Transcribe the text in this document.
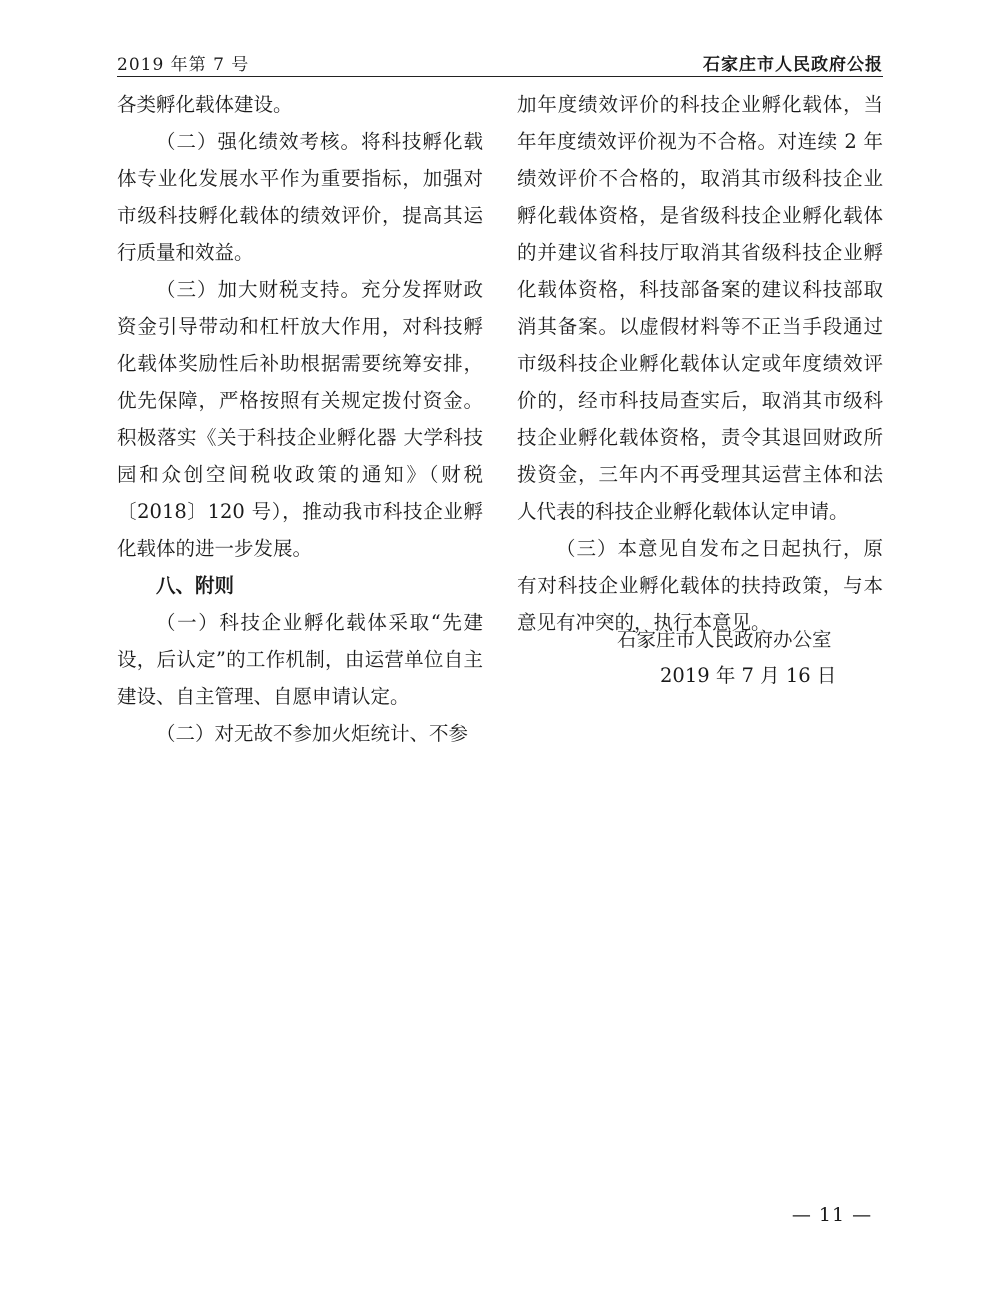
2019 年第 7 号	石家庄市人民政府公报

各类孵化载体建设。

（二）强化绩效考核。将科技孵化载体专业化发展水平作为重要指标，加强对市级科技孵化载体的绩效评价，提高其运行质量和效益。

（三）加大财税支持。充分发挥财政资金引导带动和杠杆放大作用，对科技孵化载体奖励性后补助根据需要统筹安排，优先保障，严格按照有关规定拨付资金。积极落实《关于科技企业孵化器 大学科技园和众创空间税收政策的通知》（财税〔2018〕120 号），推动我市科技企业孵化载体的进一步发展。

八、附则

（一）科技企业孵化载体采取“先建设，后认定”的工作机制，由运营单位自主建设、自主管理、自愿申请认定。

（二）对无故不参加火炬统计、不参

加年度绩效评价的科技企业孵化载体，当年年度绩效评价视为不合格。对连续 2 年绩效评价不合格的，取消其市级科技企业孵化载体资格，是省级科技企业孵化载体的并建议省科技厅取消其省级科技企业孵化载体资格，科技部备案的建议科技部取消其备案。以虚假材料等不正当手段通过市级科技企业孵化载体认定或年度绩效评价的，经市科技局查实后，取消其市级科技企业孵化载体资格，责令其退回财政所拨资金，三年内不再受理其运营主体和法人代表的科技企业孵化载体认定申请。

（三）本意见自发布之日起执行，原有对科技企业孵化载体的扶持政策，与本意见有冲突的，执行本意见。

石家庄市人民政府办公室
2019 年 7 月 16 日
— 11 —
